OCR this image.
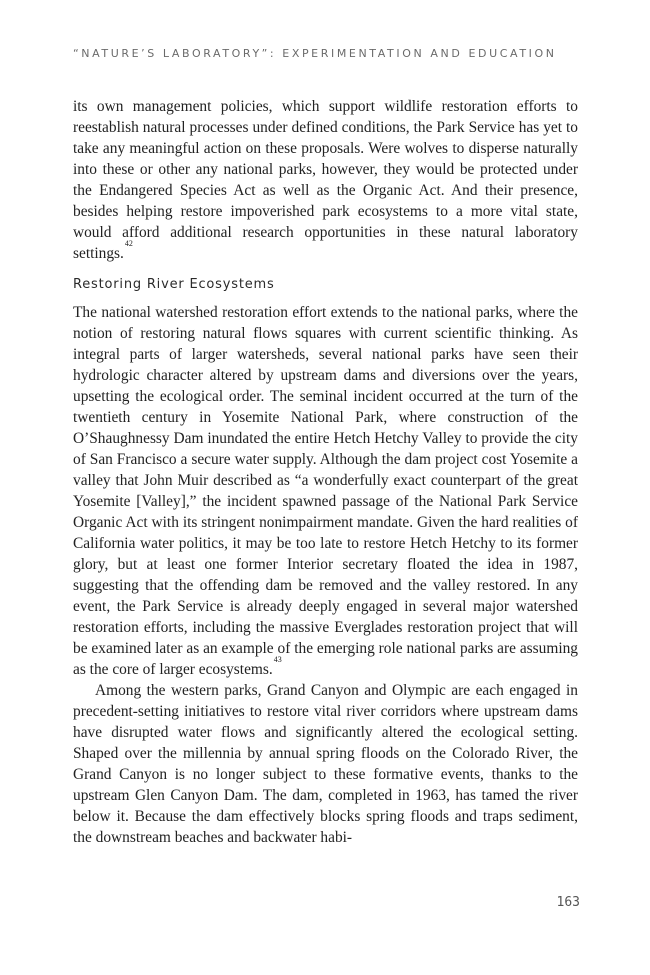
“NATURE’S LABORATORY”: EXPERIMENTATION AND EDUCATION

its own management policies, which support wildlife restoration efforts to reestablish natural processes under defined conditions, the Park Service has yet to take any meaningful action on these proposals. Were wolves to disperse naturally into these or other any national parks, however, they would be protected under the Endangered Species Act as well as the Organic Act. And their presence, besides helping restore impoverished park ecosystems to a more vital state, would afford additional research opportunities in these natural laboratory settings.$^{42}$

Restoring River Ecosystems

The national watershed restoration effort extends to the national parks, where the notion of restoring natural flows squares with current scientific thinking. As integral parts of larger watersheds, several national parks have seen their hydrologic character altered by upstream dams and diversions over the years, upsetting the ecological order. The seminal incident occurred at the turn of the twentieth century in Yosemite National Park, where construction of the O’Shaughnessy Dam inundated the entire Hetch Hetchy Valley to provide the city of San Francisco a secure water supply. Although the dam project cost Yosemite a valley that John Muir described as “a wonderfully exact counterpart of the great Yosemite [Valley],” the incident spawned passage of the National Park Service Organic Act with its stringent nonimpairment mandate. Given the hard realities of California water politics, it may be too late to restore Hetch Hetchy to its former glory, but at least one former Interior secretary floated the idea in 1987, suggesting that the offending dam be removed and the valley restored. In any event, the Park Service is already deeply engaged in several major watershed restoration efforts, including the massive Everglades restoration project that will be examined later as an example of the emerging role national parks are assuming as the core of larger ecosystems.$^{43}$

Among the western parks, Grand Canyon and Olympic are each engaged in precedent-setting initiatives to restore vital river corridors where upstream dams have disrupted water flows and significantly altered the ecological setting. Shaped over the millennia by annual spring floods on the Colorado River, the Grand Canyon is no longer subject to these formative events, thanks to the upstream Glen Canyon Dam. The dam, completed in 1963, has tamed the river below it. Because the dam effectively blocks spring floods and traps sediment, the downstream beaches and backwater habi-

163
